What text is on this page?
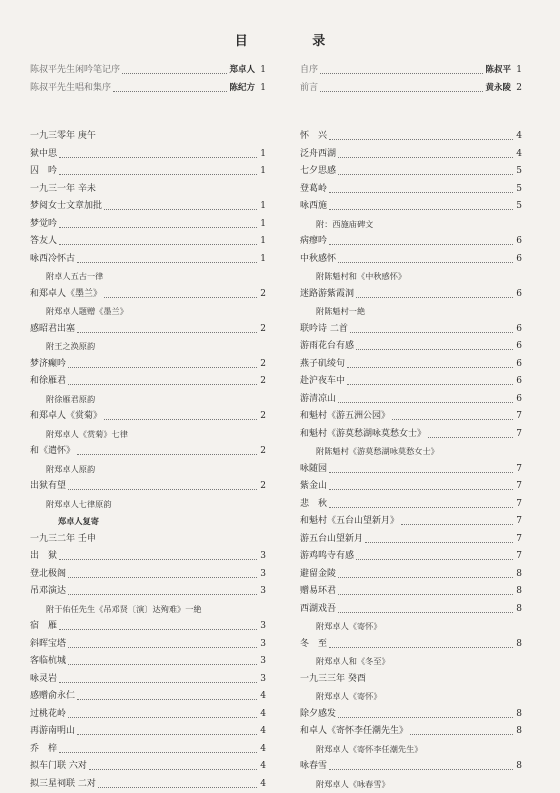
目 录
陈叔平先生闲吟笔记序	郑卓人 1
陈叔平先生唱和集序	陈纪方 1
自序	陈叔平 1
前言	黄永陵 2
一九三零年 庚午
狱中思	1
囚　吟	1
一九三一年 辛未
梦阅女士文章加批	1
梦觉吟	1
答友人	1
咏西冷怀古	1
附卓人五古一律
和郑卓人《墨兰》	2
附郑卓人题赠《墨兰》
感昭君出塞	2
附王之涣原韵
梦济癫吟	2
和徐雁君	2
附徐雁君原韵
和郑卓人《赏菊》	2
附郑卓人《赏菊》七律
和《遣怀》	2
附郑卓人原韵
出狱有望	2
附郑卓人七律原韵
郑卓人复寄
一九三二年 壬申
出　狱	3
登北极阁	3
吊邓演达	3
附于佑任先生《吊邓贤〔演〕达殉难》一絶
宿　雁	3
斜晖宝塔	3
客临杭城	3
咏灵岩	3
感赠俞永仁	4
过桃花岭	4
再游南明山	4
乔　梓	4
拟车门联 六对	4
拟三星祠联 二对	4
怀　兴	4
泛舟西湖	4
七夕思感	5
登葛岭	5
咏西施	5
附：西施庙碑文
病瘳吟	6
中秋感怀	6
附陈魁村和《中秋感怀》
迷路游紫霞洞	6
附陈魁村一絶
联吟诗 二首	6
游雨花台有感	6
燕子矶绫句	6
赴沪夜车中	6
游清凉山	6
和魁村《游五洲公园》	7
和魁村《游莫愁湖咏莫愁女士》	7
附陈魁村《游莫愁湖咏莫愁女士》
咏随园	7
紫金山	7
悲　秋	7
和魁村《五台山望新月》	7
游五台山望新月	7
游鸡鸣寺有感	7
避留金陵	8
赠易环君	8
西湖戏吾	8
附郑卓人《寄怀》
冬　至	8
附郑卓人和《冬至》
一九三三年 癸酉
附郑卓人《寄怀》
除夕感发	8
和卓人《寄怀李任潮先生》	8
附郑卓人《寄怀李任潮先生》
咏春雪	8
附郑卓人《咏春雪》
